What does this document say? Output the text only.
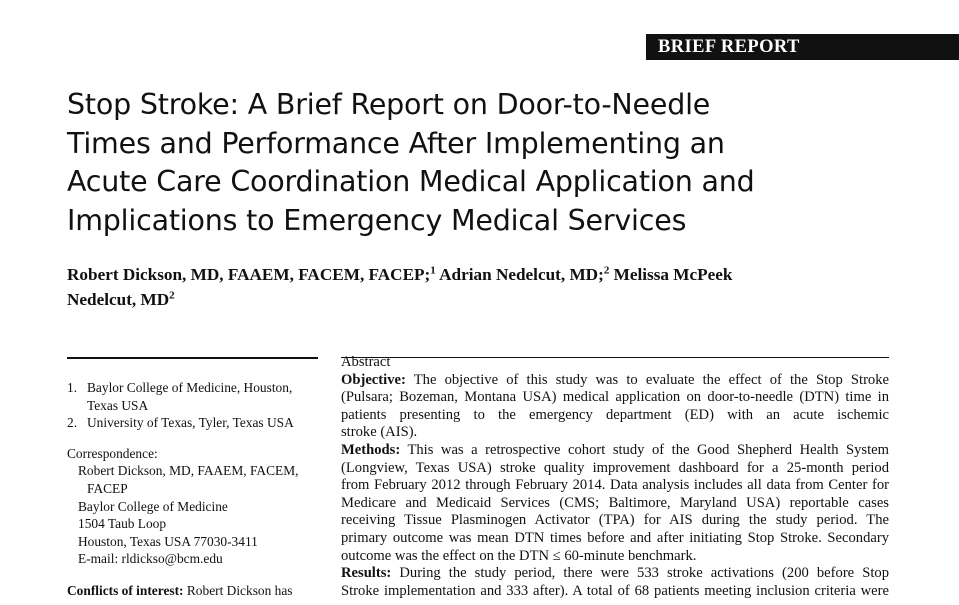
BRIEF REPORT
Stop Stroke: A Brief Report on Door-to-Needle
Times and Performance After Implementing an
Acute Care Coordination Medical Application and
Implications to Emergency Medical Services
Robert Dickson, MD, FAAEM, FACEM, FACEP;$^1$ Adrian Nedelcut, MD;$^2$ Melissa McPeek
Nedelcut, $MD^2$
1. Baylor College of Medicine, Houston,
Texas USA
2. University of Texas, Tyler, Texas USA
Correspondence:
Robert Dickson, MD, FAAEM, FACEM,
FACEP
Baylor College of Medicine
1504 Taub Loop
Houston, Texas USA 77030-3411
E-mail: rldickso@bcm.edu
Conflicts of interest: Robert Dickson has
Abstract
Objective: The objective of this study was to evaluate the effect of the Stop Stroke
(Pulsara; Bozeman, Montana USA) medical application on door-to-needle (DTN) time in
patients presenting to the emergency department (ED) with an acute ischemic
stroke (AIS).
Methods: This was a retrospective cohort study of the Good Shepherd Health System
(Longview, Texas USA) stroke quality improvement dashboard for a 25-month period
from February 2012 through February 2014. Data analysis includes all data from Center for
Medicare and Medicaid Services (CMS; Baltimore, Maryland USA) reportable cases
receiving Tissue Plasminogen Activator (TPA) for AIS during the study period. The
primary outcome was mean DTN times before and after initiating Stop Stroke. Secondary
outcome was the effect on the DTN ≤ 60-minute benchmark.
Results: During the study period, there were 533 stroke activations (200 before Stop
Stroke implementation and 333 after). A total of 68 patients meeting inclusion criteria were
